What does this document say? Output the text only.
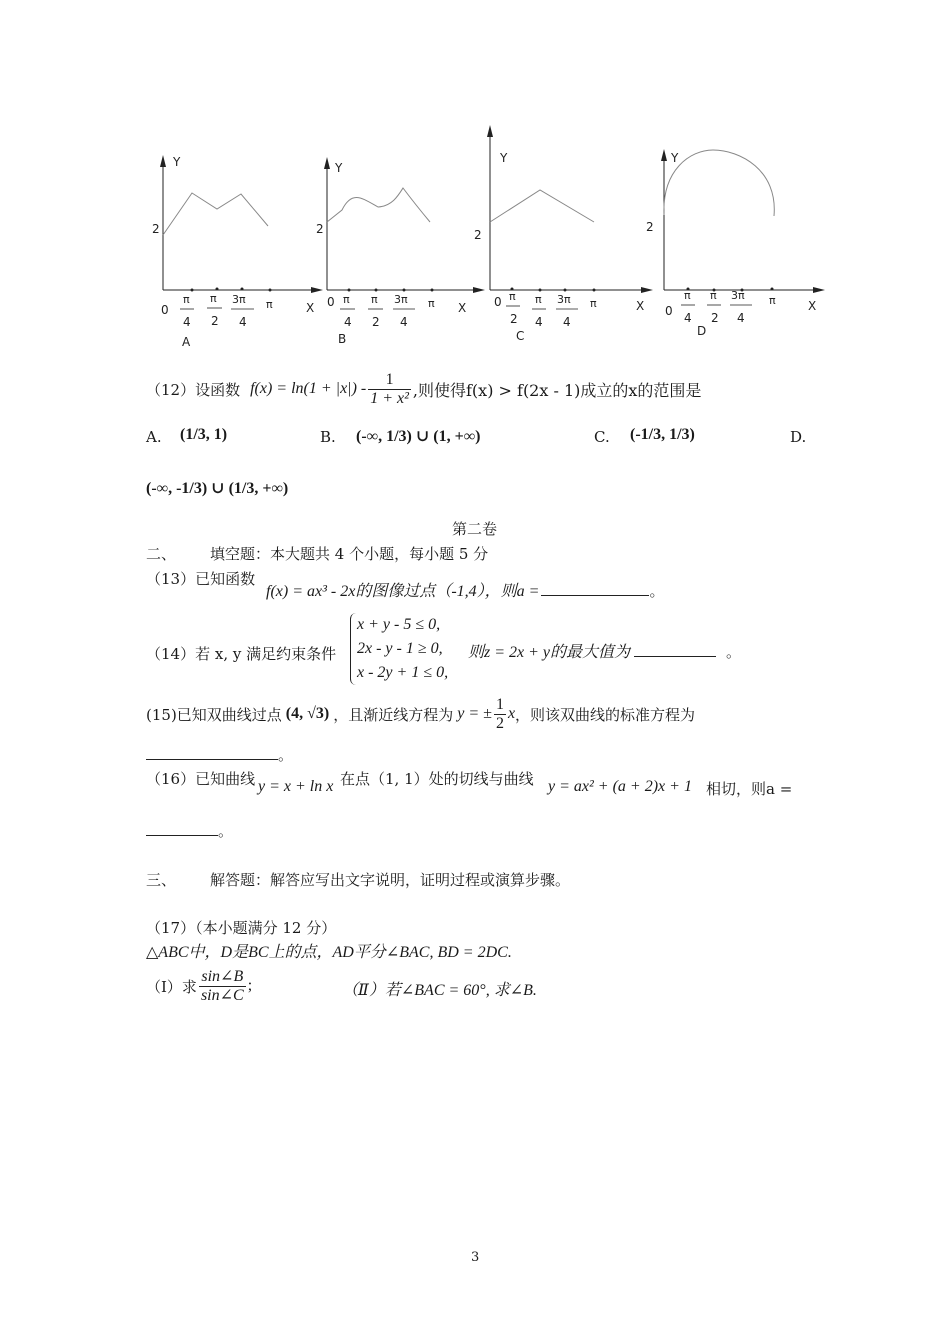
Y
2
0	X
π
4
π
2
3π
4
π
A
Y
2
0	X
π
4
π
2
3π
4
π
B
Y
2
0	X
π
2
π
4
3π
4
π
C
Y
2
0	X
π
4
π
2
3π
4
π
D
（12）设函数 $f(x) = \ln(1 + |x|) - \frac{1}{\text{1 + x²}}$ ,则使得f(x) > f(2x - 1)成立的x的范围是
A. (1/3, 1)	B. (-∞, 1/3) ∪ (1, +∞)	C. (-1/3, 1/3)	D.
(-∞, -1/3) ∪ (1/3, +∞)
第二卷
二、 填空题：本大题共 4 个小题，每小题 5 分
（13）已知函数
f(x) = ax³ - 2x的图像过点（-1,4），则a =	。
（14）若 x, y 满足约束条件
x + y - 5 ≤ 0,
2x - y - 1 ≥ 0,
x - 2y + 1 ≤ 0,
则z = 2x + y的最大值为	。
(15)已知双曲线过点 (4, √3) ，且渐近线方程为 y = ± $\frac{1}{2}$ x ，则该双曲线的标准方程为
。
（16）已知曲线 y = x + ln x 在点（1, 1）处的切线与曲线 y = ax² + (a + 2)x + 1 相切，则a =
。
三、 解答题：解答应写出文字说明，证明过程或演算步骤。
（17）（本小题满分 12 分）
△ABC中，D是BC上的点，AD平分∠BAC, BD = 2DC.
（Ⅰ）求 $\frac{\sin\angle B}{\sin\angle C}$ ;	（Ⅱ）若∠BAC = 60°, 求∠B.
3
